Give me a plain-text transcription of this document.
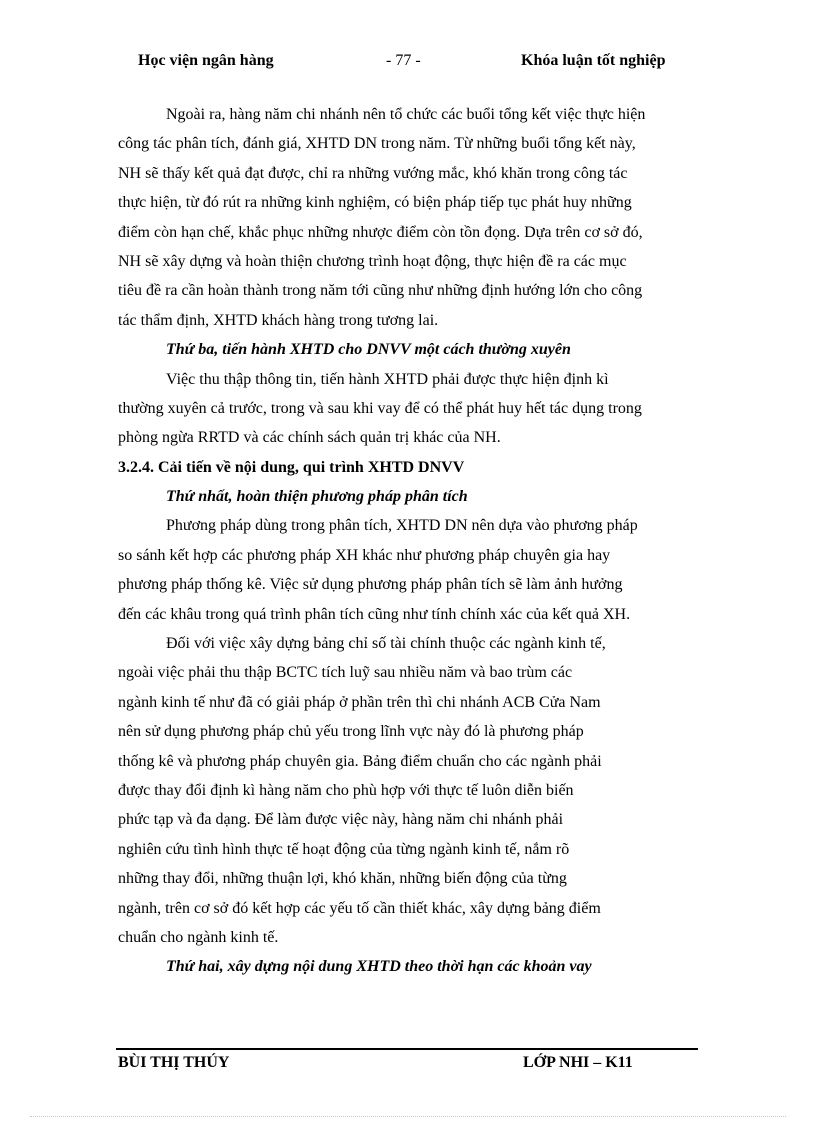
Học viện ngân hàng	- 77 -	Khóa luận tốt nghiệp
Ngoài ra, hàng năm chi nhánh nên tổ chức các buổi tổng kết việc thực hiện
công tác phân tích, đánh giá, XHTD DN trong năm. Từ những buổi tổng kết này,
NH sẽ thấy kết quả đạt được, chỉ ra những vướng mắc, khó khăn trong công tác
thực hiện, từ đó rút ra những kinh nghiệm, có biện pháp tiếp tục phát huy những
điểm còn hạn chế, khắc phục những nhược điểm còn tồn đọng. Dựa trên cơ sở đó,
NH sẽ xây dựng và hoàn thiện chương trình hoạt động, thực hiện đề ra các mục
tiêu đề ra cần hoàn thành trong năm tới cũng như những định hướng lớn cho công
tác thẩm định, XHTD khách hàng trong tương lai.
Thứ ba, tiến hành XHTD cho DNVV một cách thường xuyên
Việc thu thập thông tin, tiến hành XHTD phải được thực hiện định kì
thường xuyên cả trước, trong và sau khi vay để có thể phát huy hết tác dụng trong
phòng ngừa RRTD và các chính sách quản trị khác của NH.
3.2.4. Cải tiến về nội dung, qui trình XHTD DNVV
Thứ nhất, hoàn thiện phương pháp phân tích
Phương pháp dùng trong phân tích, XHTD DN nên dựa vào phương pháp
so sánh kết hợp các phương pháp XH khác như phương pháp chuyên gia hay
phương pháp thống kê. Việc sử dụng phương pháp phân tích sẽ làm ảnh hưởng
đến các khâu trong quá trình phân tích cũng như tính chính xác của kết quả XH.
Đối với việc xây dựng bảng chỉ số tài chính thuộc các ngành kinh tế,
ngoài việc phải thu thập BCTC tích luỹ sau nhiều năm và bao trùm các
ngành kinh tế như đã có giải pháp ở phần trên thì chi nhánh ACB Cửa Nam
nên sử dụng phương pháp chủ yếu trong lĩnh vực này đó là phương pháp
thống kê và phương pháp chuyên gia. Bảng điểm chuẩn cho các ngành phải
được thay đổi định kì hàng năm cho phù hợp với thực tế luôn diễn biến
phức tạp và đa dạng. Để làm được việc này, hàng năm chi nhánh phải
nghiên cứu tình hình thực tế hoạt động của từng ngành kinh tế, nắm rõ
những thay đổi, những thuận lợi, khó khăn, những biến động của từng
ngành, trên cơ sở đó kết hợp các yếu tố cần thiết khác, xây dựng bảng điểm
chuẩn cho ngành kinh tế.
Thứ hai, xây dựng nội dung XHTD theo thời hạn các khoản vay
BÙI THỊ THÚY	LỚP NHI – K11
